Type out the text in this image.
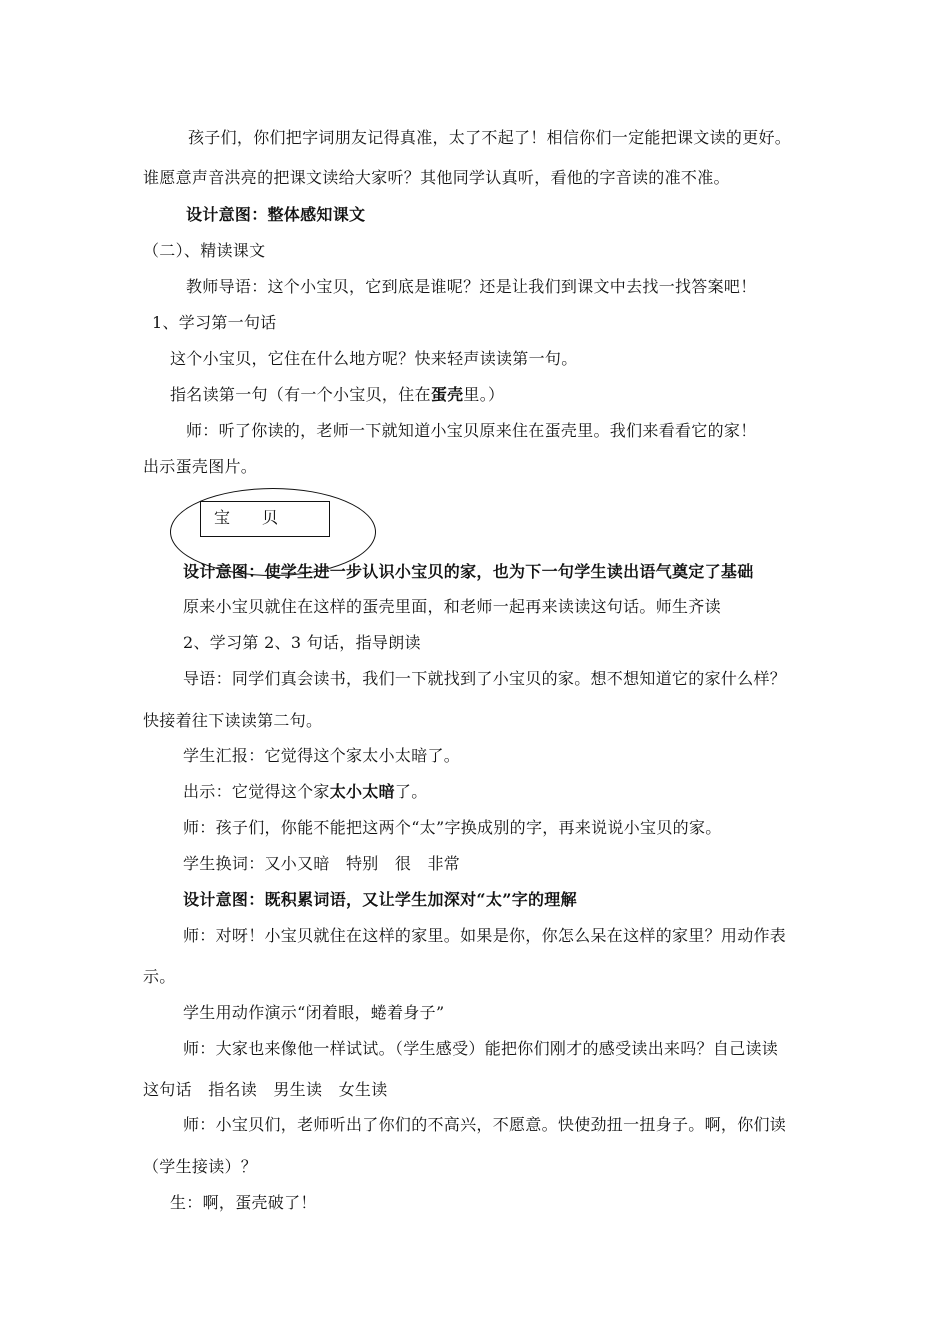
孩子们，你们把字词朋友记得真准，太了不起了！相信你们一定能把课文读的更好。
谁愿意声音洪亮的把课文读给大家听？其他同学认真听，看他的字音读的准不准。
设计意图：整体感知课文
（二）、精读课文
教师导语：这个小宝贝，它到底是谁呢？还是让我们到课文中去找一找答案吧！
1、学习第一句话
这个小宝贝，它住在什么地方呢？快来轻声读读第一句。
指名读第一句（有一个小宝贝，住在蛋壳里。）
师：听了你读的，老师一下就知道小宝贝原来住在蛋壳里。我们来看看它的家！
出示蛋壳图片。
宝　　贝
设计意图：使学生进一步认识小宝贝的家，也为下一句学生读出语气奠定了基础
原来小宝贝就住在这样的蛋壳里面，和老师一起再来读读这句话。师生齐读
2、学习第 2、3 句话，指导朗读
导语：同学们真会读书，我们一下就找到了小宝贝的家。想不想知道它的家什么样？
快接着往下读读第二句。
学生汇报：它觉得这个家太小太暗了。
出示：它觉得这个家太小太暗了。
师：孩子们，你能不能把这两个“太”字换成别的字，再来说说小宝贝的家。
学生换词：又小又暗　特别　很　非常
设计意图：既积累词语，又让学生加深对“太”字的理解
师：对呀！小宝贝就住在这样的家里。如果是你，你怎么呆在这样的家里？用动作表
示。
学生用动作演示“闭着眼，蜷着身子”
师：大家也来像他一样试试。（学生感受）能把你们刚才的感受读出来吗？自己读读
这句话　指名读　男生读　女生读
师：小宝贝们，老师听出了你们的不高兴，不愿意。快使劲扭一扭身子。啊，你们读
（学生接读）？
生：啊，蛋壳破了！
